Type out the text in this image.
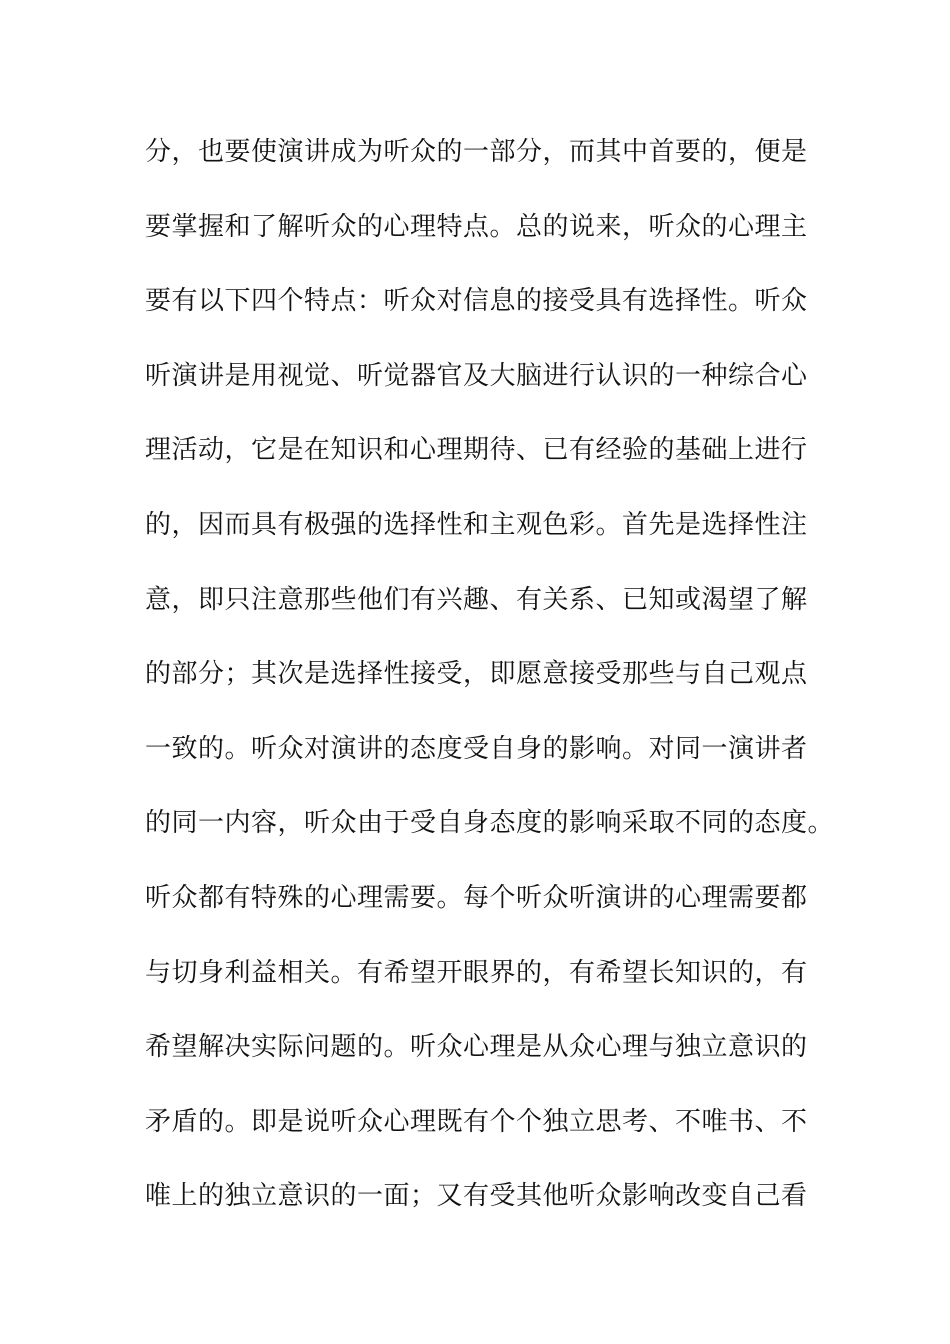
分，也要使演讲成为听众的一部分，而其中首要的，便是
要掌握和了解听众的心理特点。总的说来，听众的心理主
要有以下四个特点：听众对信息的接受具有选择性。听众
听演讲是用视觉、听觉器官及大脑进行认识的一种综合心
理活动，它是在知识和心理期待、已有经验的基础上进行
的，因而具有极强的选择性和主观色彩。首先是选择性注
意，即只注意那些他们有兴趣、有关系、已知或渴望了解
的部分；其次是选择性接受，即愿意接受那些与自己观点
一致的。听众对演讲的态度受自身的影响。对同一演讲者
的同一内容，听众由于受自身态度的影响采取不同的态度。
听众都有特殊的心理需要。每个听众听演讲的心理需要都
与切身利益相关。有希望开眼界的，有希望长知识的，有
希望解决实际问题的。听众心理是从众心理与独立意识的
矛盾的。即是说听众心理既有个个独立思考、不唯书、不
唯上的独立意识的一面；又有受其他听众影响改变自己看
